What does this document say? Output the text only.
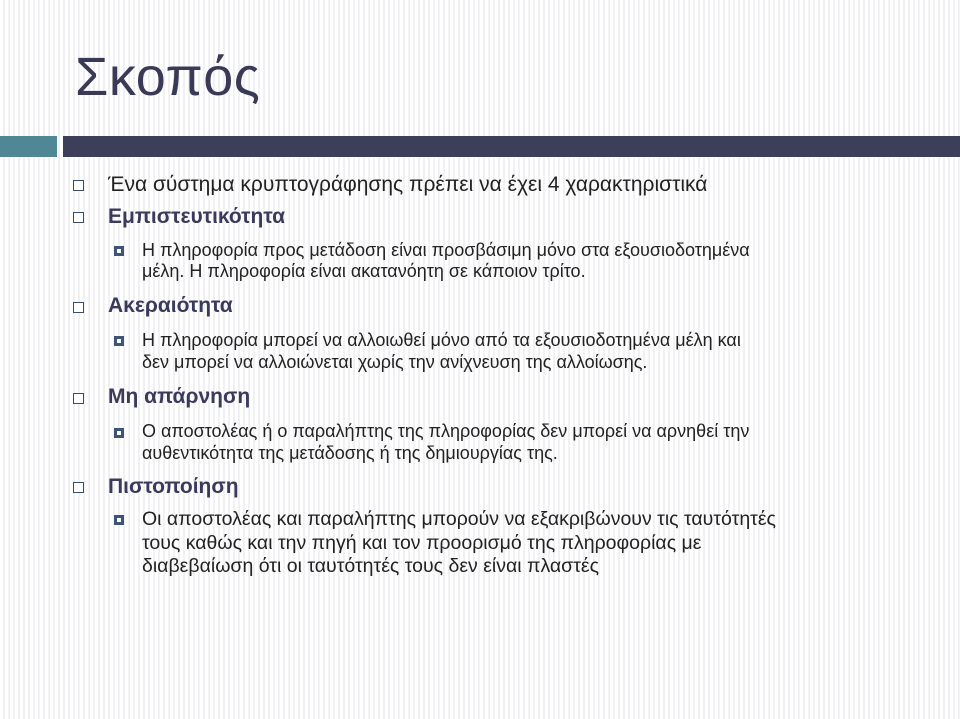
Σκοπός
Ένα σύστημα κρυπτογράφησης πρέπει να έχει 4 χαρακτηριστικά
Εμπιστευτικότητα
Η πληροφορία προς μετάδοση είναι προσβάσιμη μόνο στα εξουσιοδοτημένα
μέλη. Η πληροφορία είναι ακατανόητη σε κάποιον τρίτο.
Ακεραιότητα
Η πληροφορία μπορεί να αλλοιωθεί μόνο από τα εξουσιοδοτημένα μέλη και
δεν μπορεί να αλλοιώνεται χωρίς την ανίχνευση της αλλοίωσης.
Μη απάρνηση
Ο αποστολέας ή ο παραλήπτης της πληροφορίας δεν μπορεί να αρνηθεί την
αυθεντικότητα της μετάδοσης ή της δημιουργίας της.
Πιστοποίηση
Οι αποστολέας και παραλήπτης μπορούν να εξακριβώνουν τις ταυτότητές
τους καθώς και την πηγή και τον προορισμό της πληροφορίας με
διαβεβαίωση ότι οι ταυτότητές τους δεν είναι πλαστές
